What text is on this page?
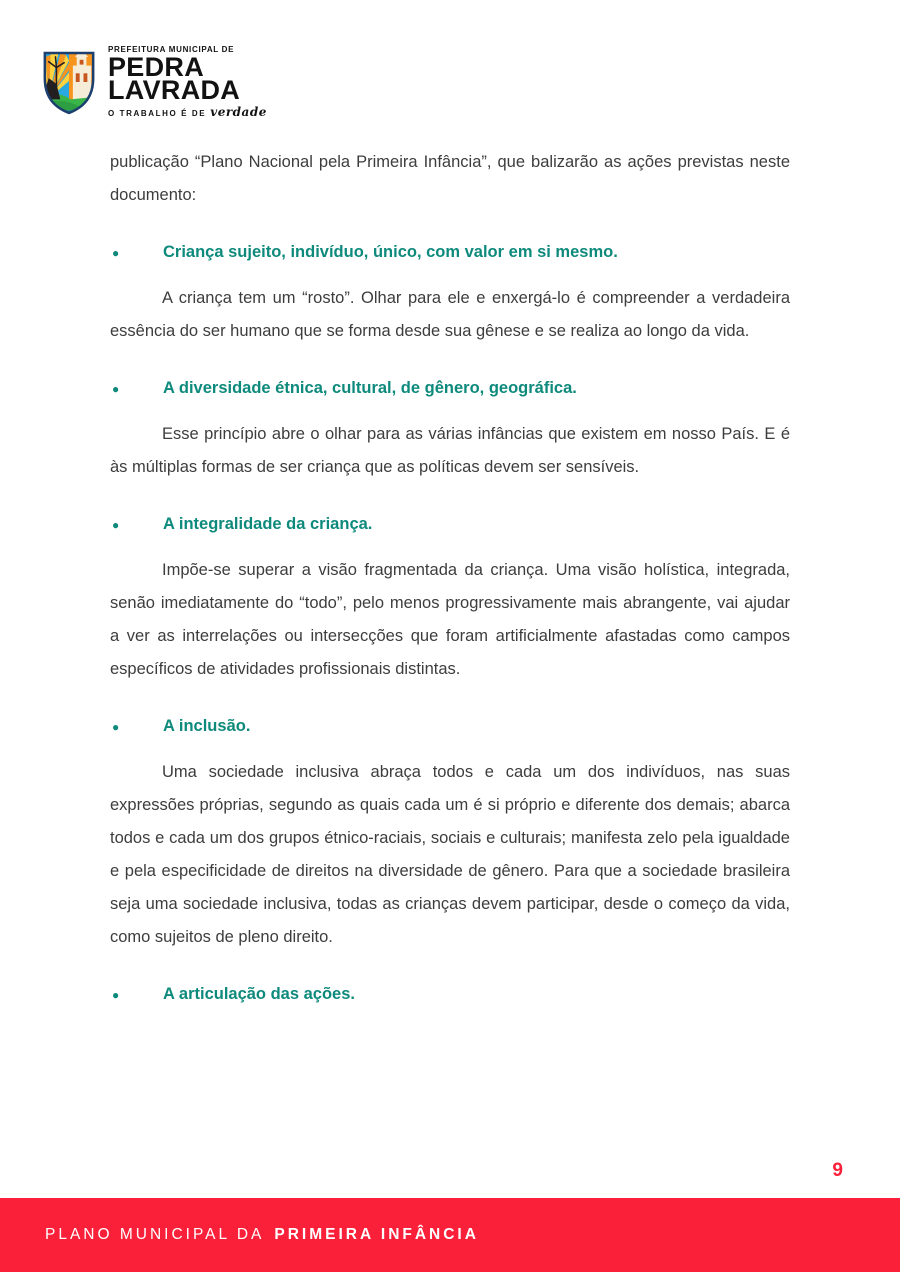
PREFEITURA MUNICIPAL DE
PEDRA
LAVRADA
O TRABALHO É DE verdade

publicação “Plano Nacional pela Primeira Infância”, que balizarão as ações previstas neste documento:

●	Criança sujeito, indivíduo, único, com valor em si mesmo.

A criança tem um “rosto”. Olhar para ele e enxergá-lo é compreender a verdadeira essência do ser humano que se forma desde sua gênese e se realiza ao longo da vida.

●	A diversidade étnica, cultural, de gênero, geográfica.

Esse princípio abre o olhar para as várias infâncias que existem em nosso País. E é às múltiplas formas de ser criança que as políticas devem ser sensíveis.

●	A integralidade da criança.

Impõe-se superar a visão fragmentada da criança. Uma visão holística, integrada, senão imediatamente do “todo”, pelo menos progressivamente mais abrangente, vai ajudar a ver as interrelações ou intersecções que foram artificialmente afastadas como campos específicos de atividades profissionais distintas.

●	A inclusão.

Uma sociedade inclusiva abraça todos e cada um dos indivíduos, nas suas expressões próprias, segundo as quais cada um é si próprio e diferente dos demais; abarca todos e cada um dos grupos étnico-raciais, sociais e culturais; manifesta zelo pela igualdade e pela especificidade de direitos na diversidade de gênero. Para que a sociedade brasileira seja uma sociedade inclusiva, todas as crianças devem participar, desde o começo da vida, como sujeitos de pleno direito.

●	A articulação das ações.
9
PLANO MUNICIPAL DA PRIMEIRA INFÂNCIA
